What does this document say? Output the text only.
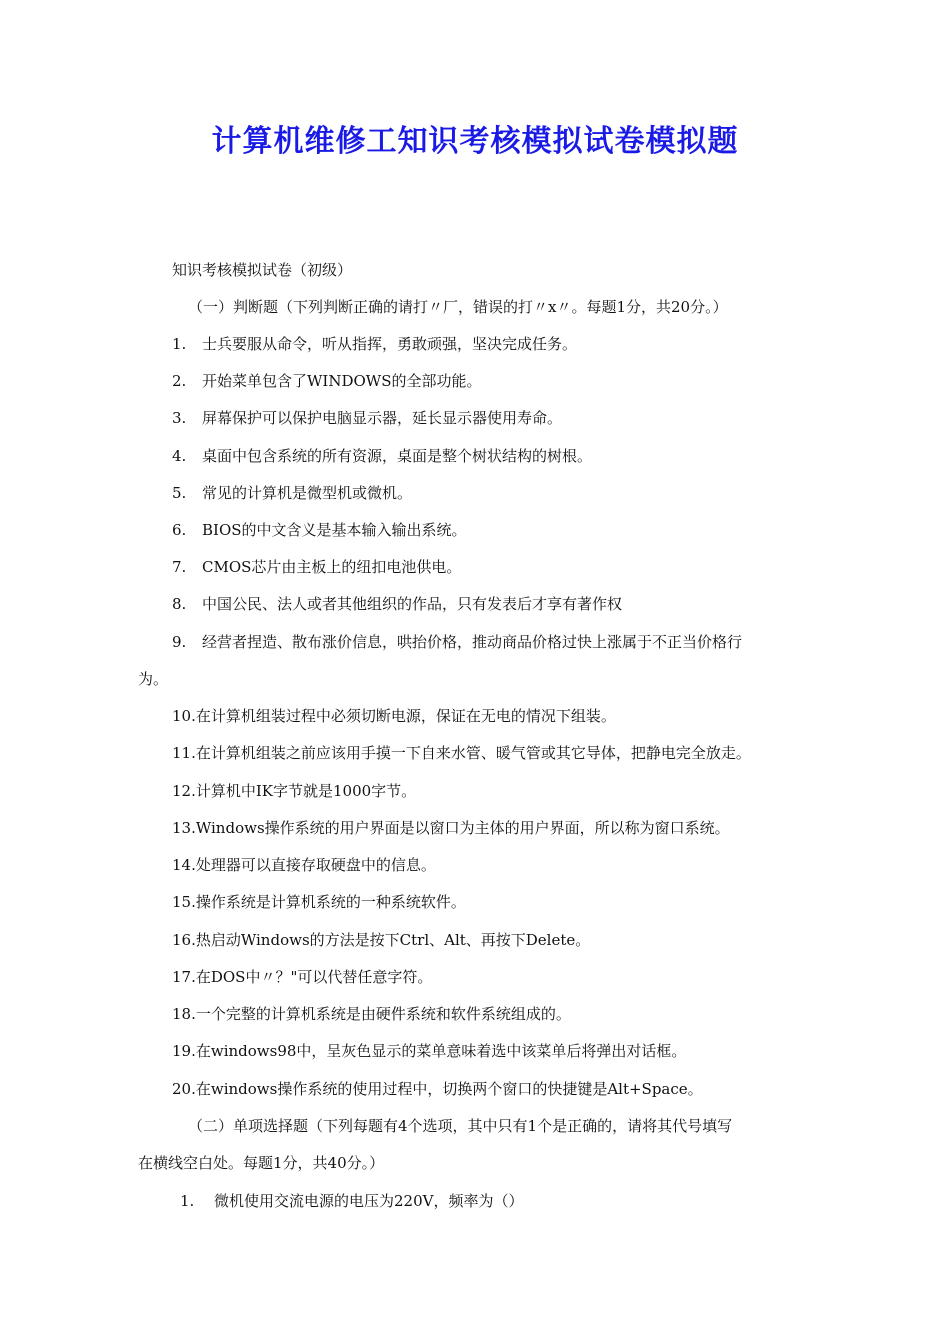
计算机维修工知识考核模拟试卷模拟题
知识考核模拟试卷（初级）
（一）判断题（下列判断正确的请打〃厂，错误的打〃x〃。每题1分，共20分。）
1. 士兵要服从命令，听从指挥，勇敢顽强，坚决完成任务。
2. 开始菜单包含了WINDOWS的全部功能。
3. 屏幕保护可以保护电脑显示器，延长显示器使用寿命。
4. 桌面中包含系统的所有资源，桌面是整个树状结构的树根。
5. 常见的计算机是微型机或微机。
6. BIOS的中文含义是基本输入输出系统。
7. CMOS芯片由主板上的纽扣电池供电。
8. 中国公民、法人或者其他组织的作品，只有发表后才享有著作权
9. 经营者捏造、散布涨价信息，哄抬价格，推动商品价格过快上涨属于不正当价格行
为。
10.在计算机组装过程中必须切断电源，保证在无电的情况下组装。
11.在计算机组装之前应该用手摸一下自来水管、暖气管或其它导体，把静电完全放走。
12.计算机中IK字节就是1000字节。
13.Windows操作系统的用户界面是以窗口为主体的用户界面，所以称为窗口系统。
14.处理器可以直接存取硬盘中的信息。
15.操作系统是计算机系统的一种系统软件。
16.热启动Windows的方法是按下Ctrl、Alt、再按下Delete。
17.在DOS中〃？"可以代替任意字符。
18.一个完整的计算机系统是由硬件系统和软件系统组成的。
19.在windows98中，呈灰色显示的菜单意味着选中该菜单后将弹出对话框。
20.在windows操作系统的使用过程中，切换两个窗口的快捷键是Alt+Space。
（二）单项选择题（下列每题有4个选项，其中只有1个是正确的，请将其代号填写
在横线空白处。每题1分，共40分。）
1. 微机使用交流电源的电压为220V，频率为（）
